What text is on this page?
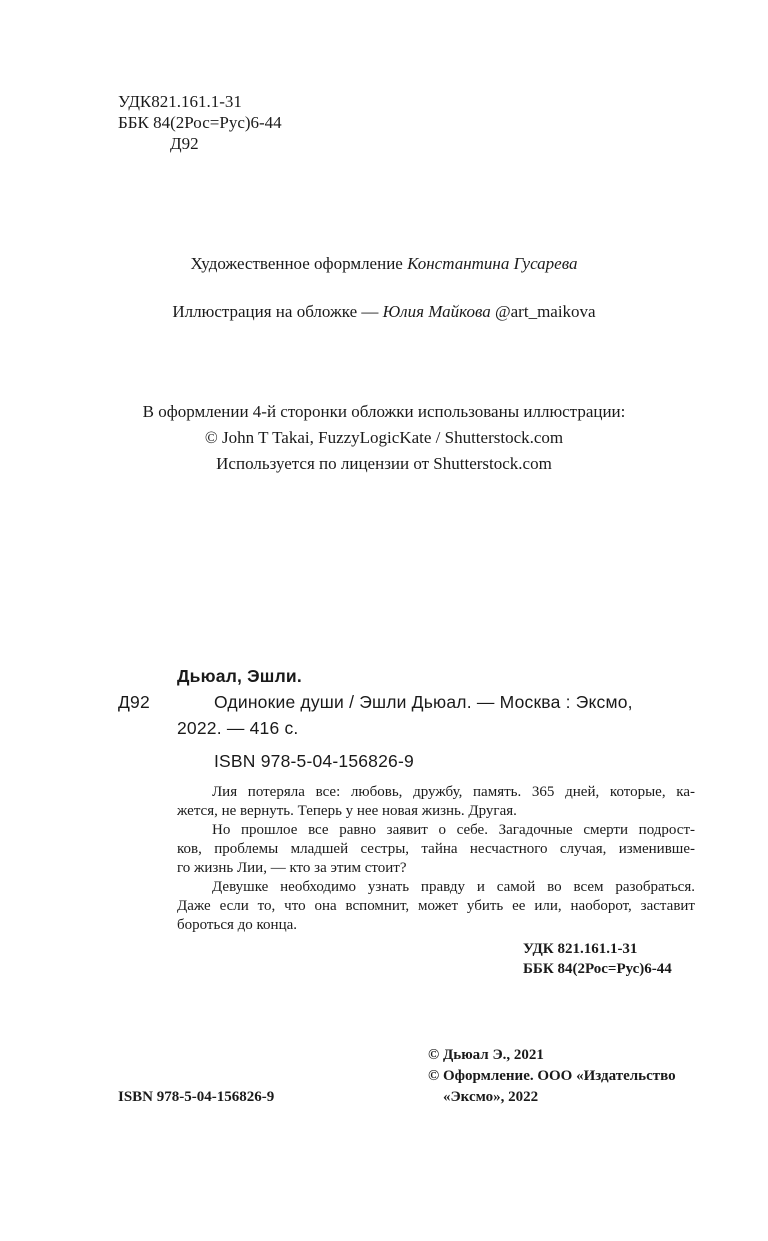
УДК821.161.1-31
ББК 84(2Рос=Рус)6-44
Д92
Художественное оформление Константина Гусарева
Иллюстрация на обложке — Юлия Майкова @art_maikova
В оформлении 4-й сторонки обложки использованы иллюстрации:
© John T Takai, FuzzyLogicKate / Shutterstock.com
Используется по лицензии от Shutterstock.com
Дьюал, Эшли.
Д92	Одинокие души / Эшли Дьюал. — Москва : Эксмо,
2022. — 416 с.
ISBN 978-5-04-156826-9

Лия потеряла все: любовь, дружбу, память. 365 дней, которые, ка-

жется, не вернуть. Теперь у нее новая жизнь. Другая.

Но прошлое все равно заявит о себе. Загадочные смерти подрост-

ков, проблемы младшей сестры, тайна несчастного случая, изменивше-

го жизнь Лии, — кто за этим стоит?

Девушке необходимо узнать правду и самой во всем разобраться.

Даже если то, что она вспомнит, может убить ее или, наоборот, заставит

бороться до конца.

УДК 821.161.1-31
ББК 84(2Рос=Рус)6-44
ISBN 978-5-04-156826-9
© Дьюал Э., 2021
© Оформление. ООО «Издательство
«Эксмо», 2022
